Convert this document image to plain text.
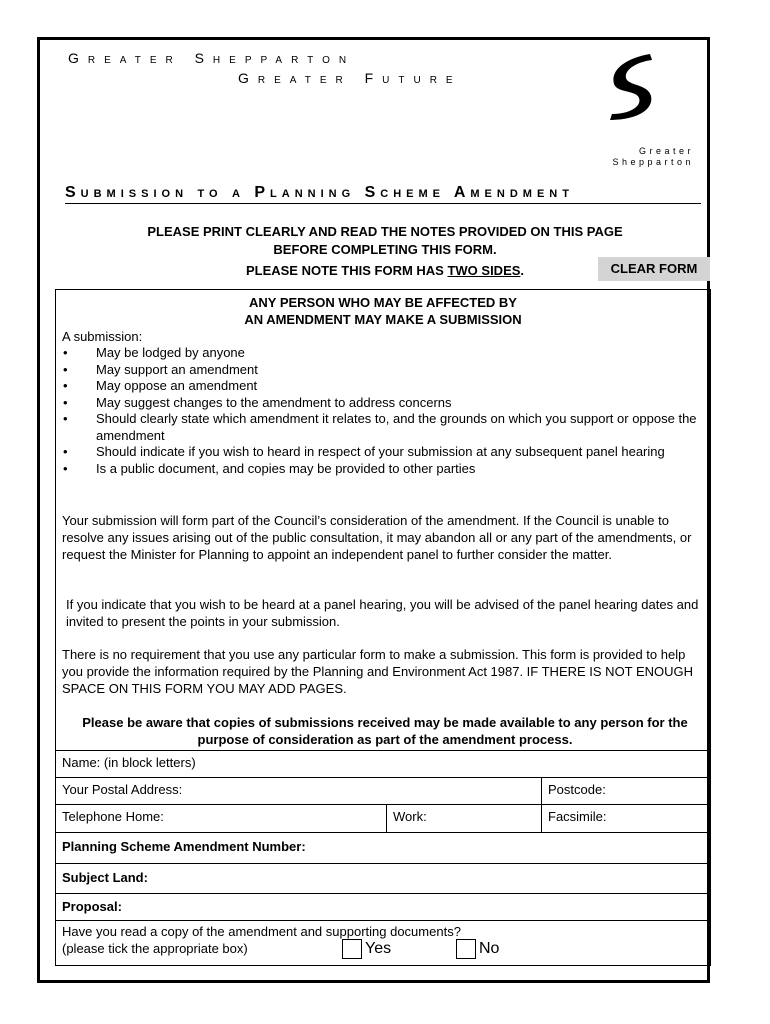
Greater Shepparton
Greater Future
Greater
Shepparton
Submission to a Planning Scheme Amendment
PLEASE PRINT CLEARLY AND READ THE NOTES PROVIDED ON THIS PAGE
BEFORE COMPLETING THIS FORM.
PLEASE NOTE THIS FORM HAS TWO SIDES.	CLEAR FORM
ANY PERSON WHO MAY BE AFFECTED BY
AN AMENDMENT MAY MAKE A SUBMISSION
A submission:
• May be lodged by anyone
• May support an amendment
• May oppose an amendment
• May suggest changes to the amendment to address concerns
• Should clearly state which amendment it relates to, and the grounds on which you support or oppose the amendment
• Should indicate if you wish to heard in respect of your submission at any subsequent panel hearing
• Is a public document, and copies may be provided to other parties
Your submission will form part of the Council’s consideration of the amendment. If the Council is unable to resolve any issues arising out of the public consultation, it may abandon all or any part of the amendments, or request the Minister for Planning to appoint an independent panel to further consider the matter.
If you indicate that you wish to be heard at a panel hearing, you will be advised of the panel hearing dates and invited to present the points in your submission.
There is no requirement that you use any particular form to make a submission. This form is provided to help you provide the information required by the Planning and Environment Act 1987. IF THERE IS NOT ENOUGH SPACE ON THIS FORM YOU MAY ADD PAGES.
Please be aware that copies of submissions received may be made available to any person for the purpose of consideration as part of the amendment process.
Name: (in block letters)
Your Postal Address:	Postcode:
Telephone Home:	Work:	Facsimile:
Planning Scheme Amendment Number:
Subject Land:
Proposal:
Have you read a copy of the amendment and supporting documents?
(please tick the appropriate box)	Yes	No
